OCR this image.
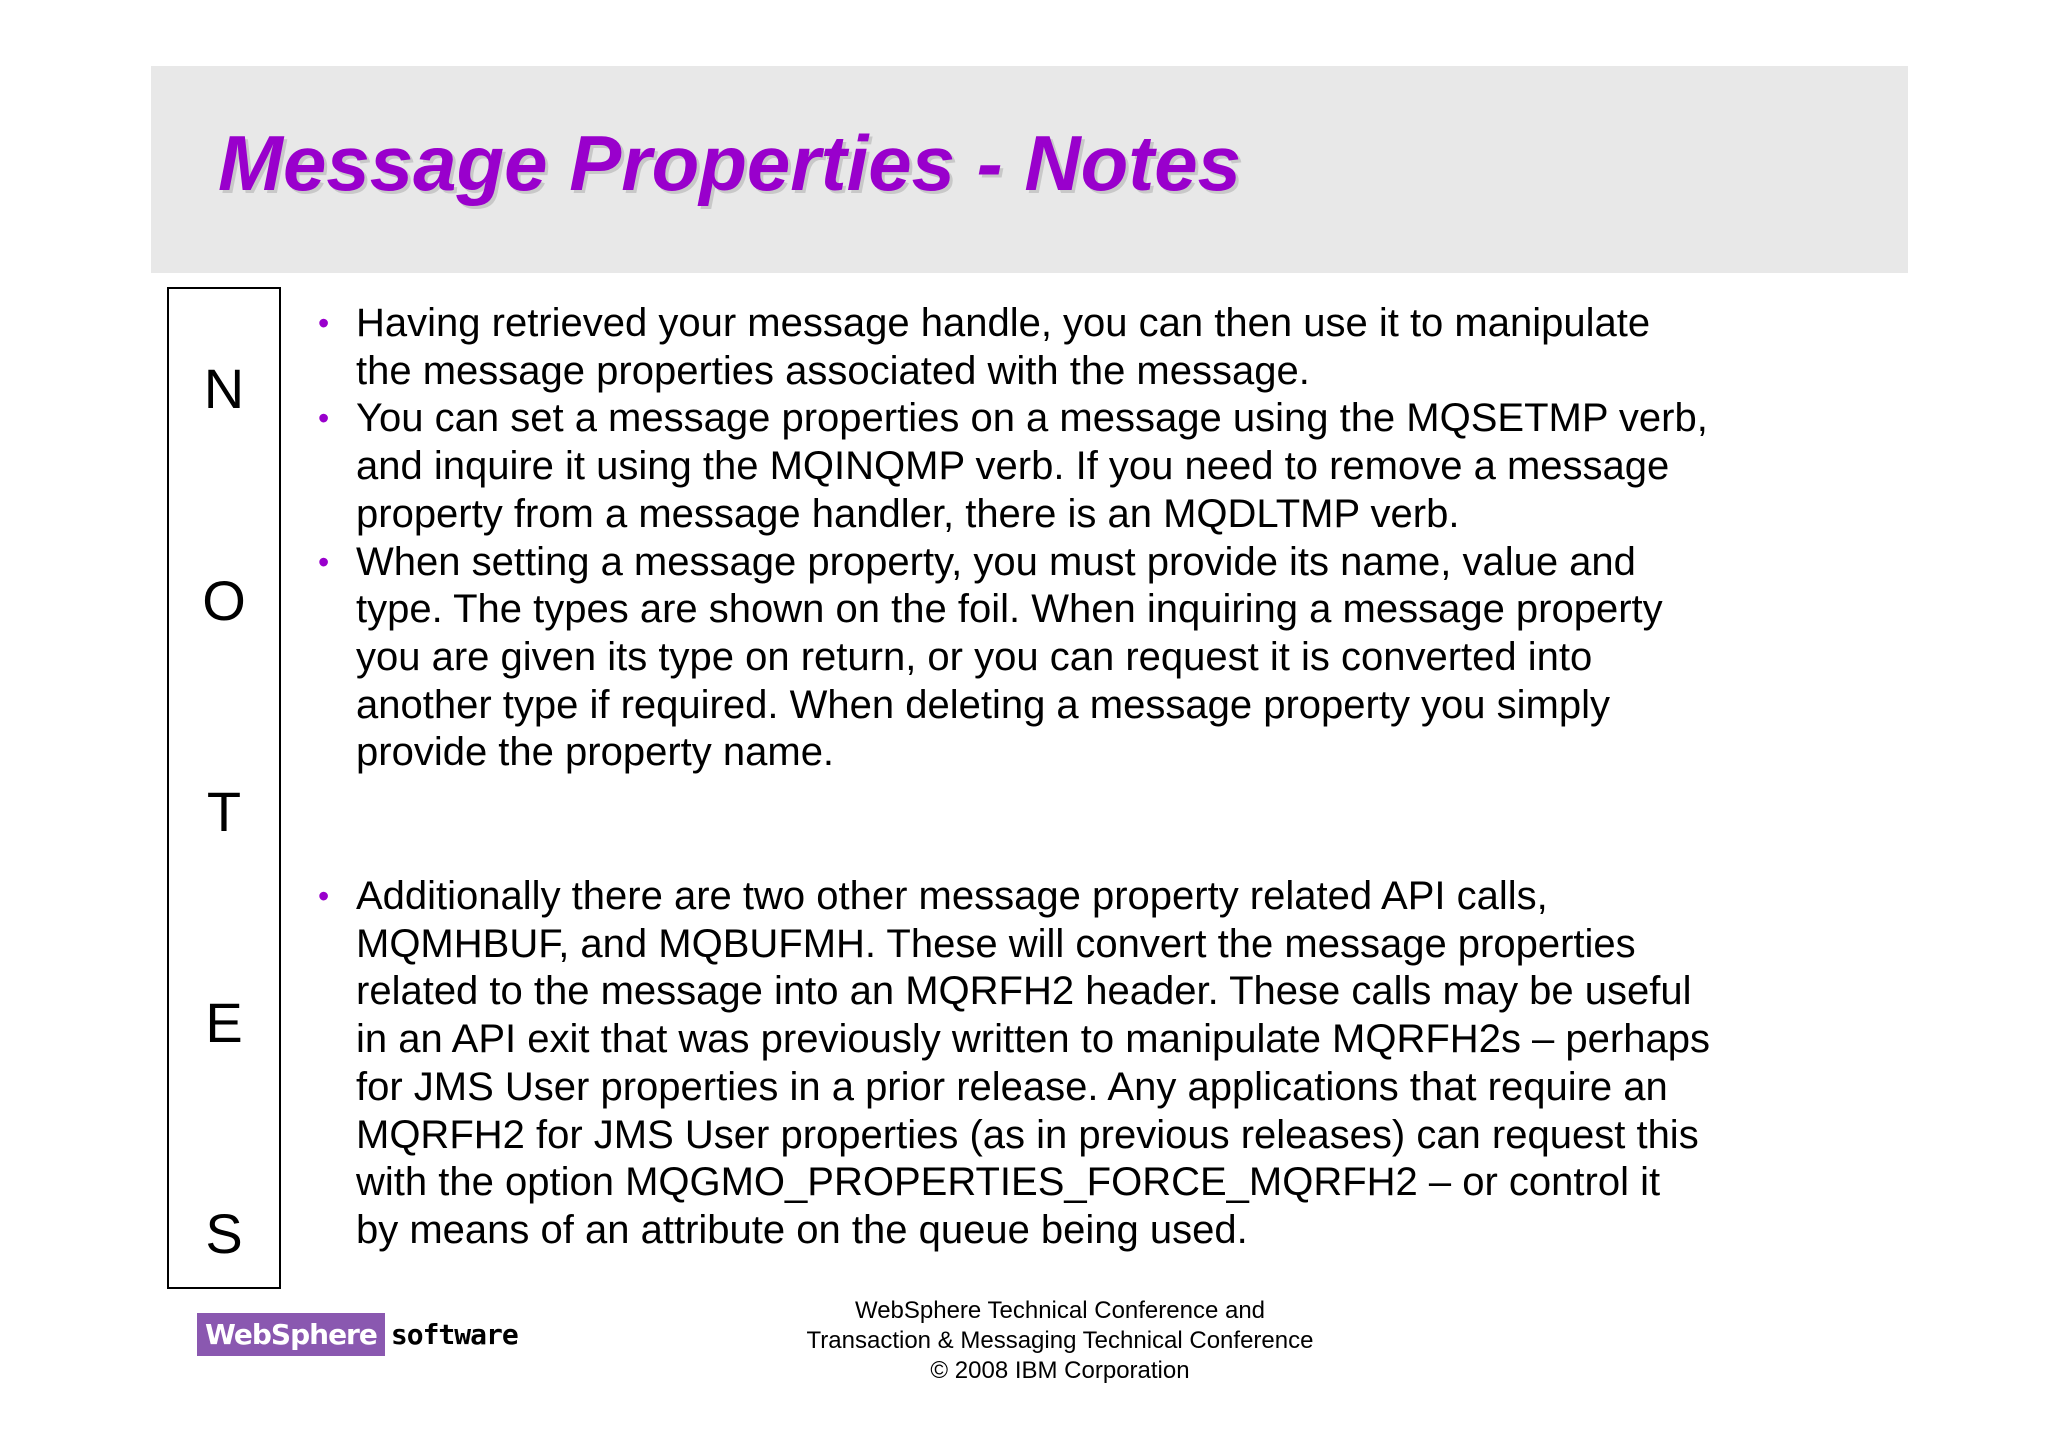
Message Properties - Notes
N
O
T
E
S
• Having retrieved your message handle, you can then use it to manipulate
the message properties associated with the message.
• You can set a message properties on a message using the MQSETMP verb,
and inquire it using the MQINQMP verb. If you need to remove a message
property from a message handler, there is an MQDLTMP verb.
• When setting a message property, you must provide its name, value and
type. The types are shown on the foil. When inquiring a message property
you are given its type on return, or you can request it is converted into
another type if required. When deleting a message property you simply
provide the property name.
• Additionally there are two other message property related API calls,
MQMHBUF, and MQBUFMH. These will convert the message properties
related to the message into an MQRFH2 header. These calls may be useful
in an API exit that was previously written to manipulate MQRFH2s – perhaps
for JMS User properties in a prior release. Any applications that require an
MQRFH2 for JMS User properties (as in previous releases) can request this
with the option MQGMO_PROPERTIES_FORCE_MQRFH2 – or control it
by means of an attribute on the queue being used.
WebSphere software
WebSphere Technical Conference and
Transaction & Messaging Technical Conference
© 2008 IBM Corporation
